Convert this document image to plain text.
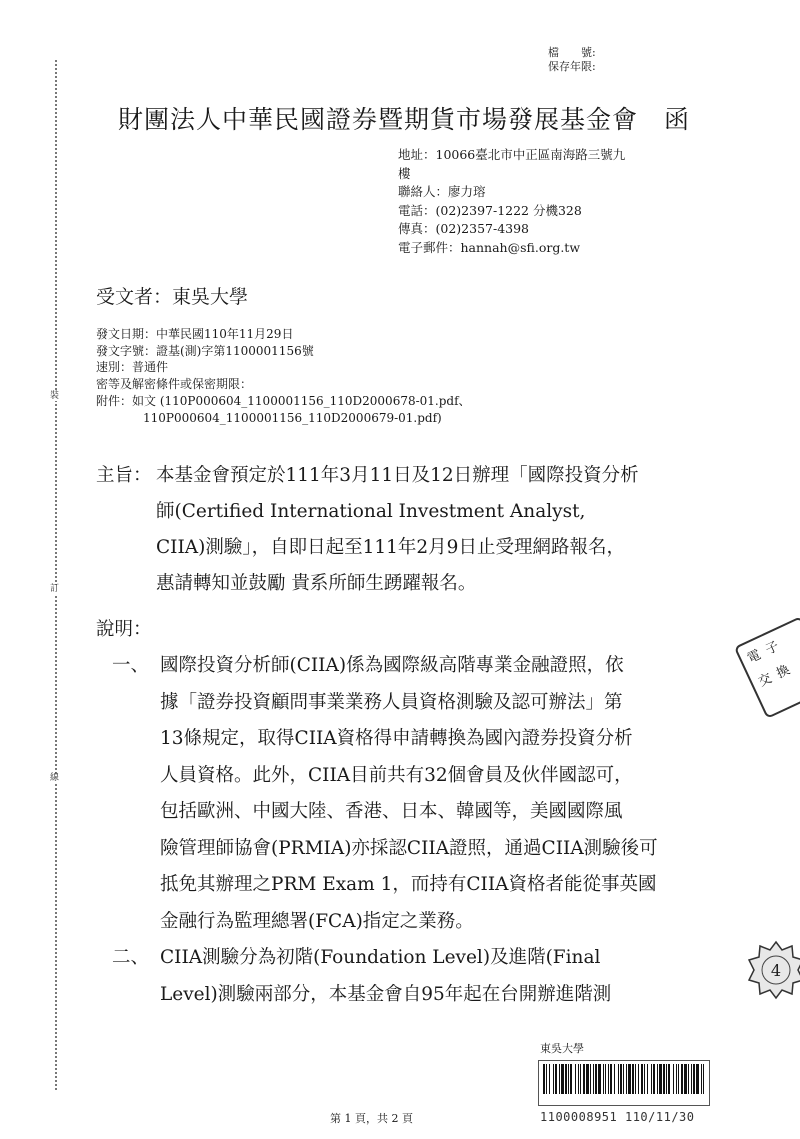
裝
訂
線
檔　　號:
保存年限:
財團法人中華民國證券暨期貨市場發展基金會　函
地址：10066臺北市中正區南海路三號九
樓
聯絡人：廖力瑢
電話：(02)2397-1222 分機328
傳真：(02)2357-4398
電子郵件：hannah@sfi.org.tw
受文者：東吳大學
發文日期：中華民國110年11月29日
發文字號：證基(測)字第1100001156號
速別：普通件
密等及解密條件或保密期限：
附件：如文 (110P000604_1100001156_110D2000678-01.pdf、
110P000604_1100001156_110D2000679-01.pdf)
主旨： 本基金會預定於111年3月11日及12日辦理「國際投資分析
師(Certified International Investment Analyst,
CIIA)測驗」，自即日起至111年2月9日止受理網路報名，
惠請轉知並鼓勵 貴系所師生踴躍報名。
說明：
一、 國際投資分析師(CIIA)係為國際級高階專業金融證照，依
據「證券投資顧問事業業務人員資格測驗及認可辦法」第
13條規定，取得CIIA資格得申請轉換為國內證券投資分析
人員資格。此外，CIIA目前共有32個會員及伙伴國認可，
包括歐洲、中國大陸、香港、日本、韓國等，美國國際風
險管理師協會(PRMIA)亦採認CIIA證照，通過CIIA測驗後可
抵免其辦理之PRM Exam 1，而持有CIIA資格者能從事英國
金融行為監理總署(FCA)指定之業務。
二、 CIIA測驗分為初階(Foundation Level)及進階(Final
Level)測驗兩部分，本基金會自95年起在台開辦進階測
電 子
交 換
4
東吳大學
1100008951 110/11/30
第 1 頁，共 2 頁
